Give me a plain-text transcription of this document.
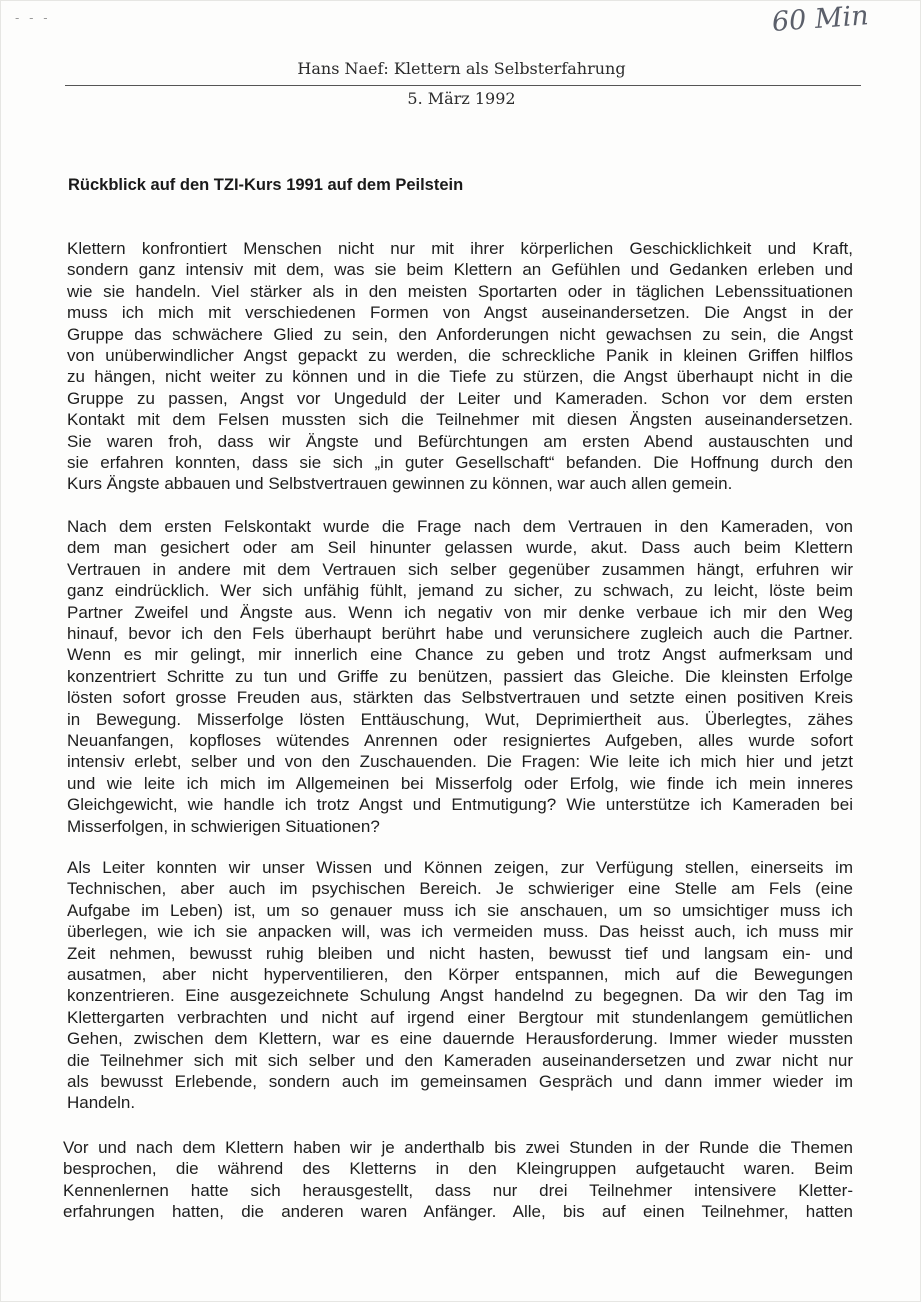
- - -	60 Min
Hans Naef: Klettern als Selbsterfahrung
5. März 1992
Rückblick auf den TZI-Kurs 1991 auf dem Peilstein
Klettern konfrontiert Menschen nicht nur mit ihrer körperlichen Geschicklichkeit und Kraft,
sondern ganz intensiv mit dem, was sie beim Klettern an Gefühlen und Gedanken erleben und
wie sie handeln. Viel stärker als in den meisten Sportarten oder in täglichen Lebenssituationen
muss ich mich mit verschiedenen Formen von Angst auseinandersetzen. Die Angst in der
Gruppe das schwächere Glied zu sein, den Anforderungen nicht gewachsen zu sein, die Angst
von unüberwindlicher Angst gepackt zu werden, die schreckliche Panik in kleinen Griffen hilflos
zu hängen, nicht weiter zu können und in die Tiefe zu stürzen, die Angst überhaupt nicht in die
Gruppe zu passen, Angst vor Ungeduld der Leiter und Kameraden. Schon vor dem ersten
Kontakt mit dem Felsen mussten sich die Teilnehmer mit diesen Ängsten auseinandersetzen.
Sie waren froh, dass wir Ängste und Befürchtungen am ersten Abend austauschten und
sie erfahren konnten, dass sie sich „in guter Gesellschaft“ befanden. Die Hoffnung durch den
Kurs Ängste abbauen und Selbstvertrauen gewinnen zu können, war auch allen gemein.
Nach dem ersten Felskontakt wurde die Frage nach dem Vertrauen in den Kameraden, von
dem man gesichert oder am Seil hinunter gelassen wurde, akut. Dass auch beim Klettern
Vertrauen in andere mit dem Vertrauen sich selber gegenüber zusammen hängt, erfuhren wir
ganz eindrücklich. Wer sich unfähig fühlt, jemand zu sicher, zu schwach, zu leicht, löste beim
Partner Zweifel und Ängste aus. Wenn ich negativ von mir denke verbaue ich mir den Weg
hinauf, bevor ich den Fels überhaupt berührt habe und verunsichere zugleich auch die Partner.
Wenn es mir gelingt, mir innerlich eine Chance zu geben und trotz Angst aufmerksam und
konzentriert Schritte zu tun und Griffe zu benützen, passiert das Gleiche. Die kleinsten Erfolge
lösten sofort grosse Freuden aus, stärkten das Selbstvertrauen und setzte einen positiven Kreis
in Bewegung. Misserfolge lösten Enttäuschung, Wut, Deprimiertheit aus. Überlegtes, zähes
Neuanfangen, kopfloses wütendes Anrennen oder resigniertes Aufgeben, alles wurde sofort
intensiv erlebt, selber und von den Zuschauenden. Die Fragen: Wie leite ich mich hier und jetzt
und wie leite ich mich im Allgemeinen bei Misserfolg oder Erfolg, wie finde ich mein inneres
Gleichgewicht, wie handle ich trotz Angst und Entmutigung? Wie unterstütze ich Kameraden bei
Misserfolgen, in schwierigen Situationen?
Als Leiter konnten wir unser Wissen und Können zeigen, zur Verfügung stellen, einerseits im
Technischen, aber auch im psychischen Bereich. Je schwieriger eine Stelle am Fels (eine
Aufgabe im Leben) ist, um so genauer muss ich sie anschauen, um so umsichtiger muss ich
überlegen, wie ich sie anpacken will, was ich vermeiden muss. Das heisst auch, ich muss mir
Zeit nehmen, bewusst ruhig bleiben und nicht hasten, bewusst tief und langsam ein- und
ausatmen, aber nicht hyperventilieren, den Körper entspannen, mich auf die Bewegungen
konzentrieren. Eine ausgezeichnete Schulung Angst handelnd zu begegnen. Da wir den Tag im
Klettergarten verbrachten und nicht auf irgend einer Bergtour mit stundenlangem gemütlichen
Gehen, zwischen dem Klettern, war es eine dauernde Herausforderung. Immer wieder mussten
die Teilnehmer sich mit sich selber und den Kameraden auseinandersetzen und zwar nicht nur
als bewusst Erlebende, sondern auch im gemeinsamen Gespräch und dann immer wieder im
Handeln.
Vor und nach dem Klettern haben wir je anderthalb bis zwei Stunden in der Runde die Themen
besprochen, die während des Kletterns in den Kleingruppen aufgetaucht waren. Beim
Kennenlernen hatte sich herausgestellt, dass nur drei Teilnehmer intensivere Kletter-
erfahrungen hatten, die anderen waren Anfänger. Alle, bis auf einen Teilnehmer, hatten
